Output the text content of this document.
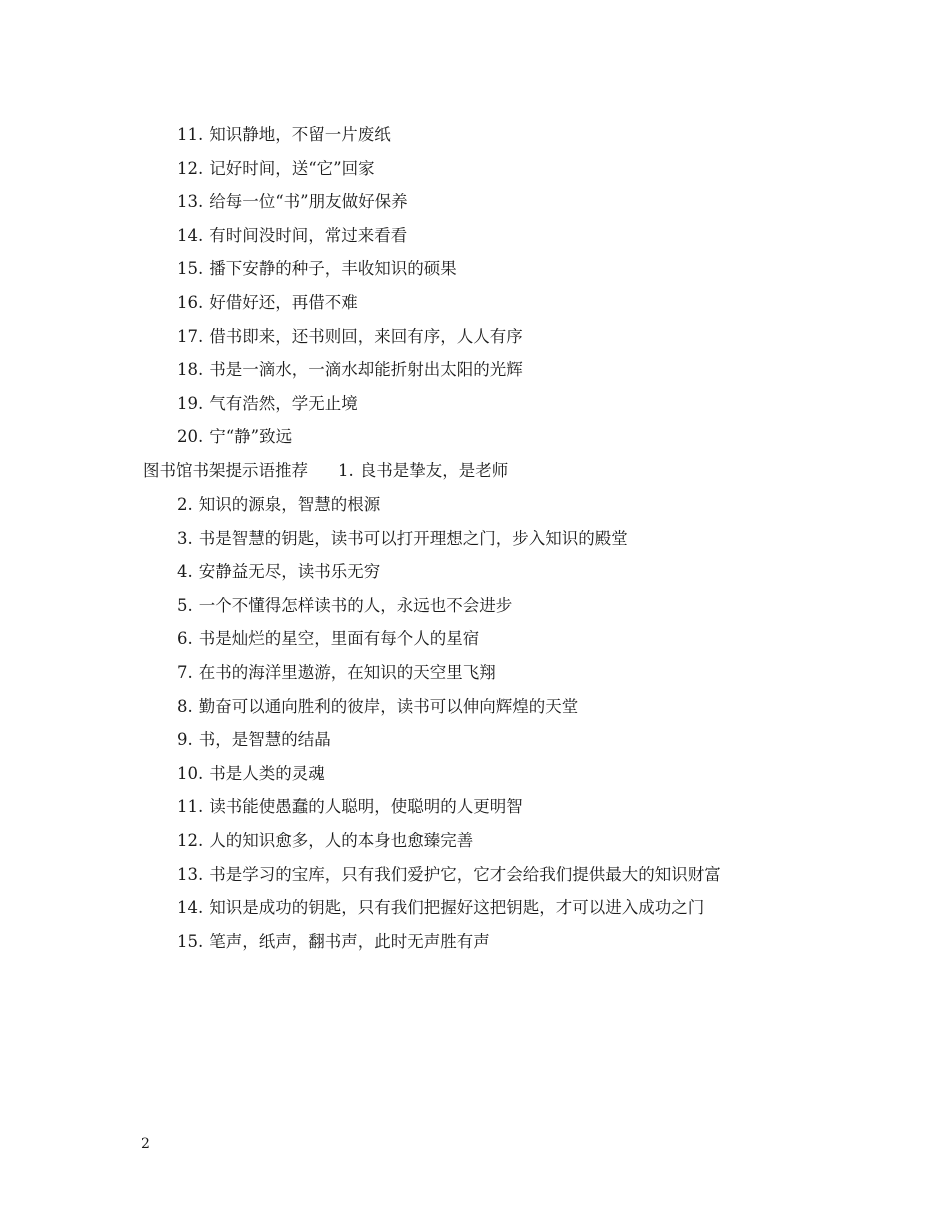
11. 知识静地，不留一片废纸
12. 记好时间，送“它”回家
13. 给每一位“书”朋友做好保养
14. 有时间没时间，常过来看看
15. 播下安静的种子，丰收知识的硕果
16. 好借好还，再借不难
17. 借书即来，还书则回，来回有序，人人有序
18. 书是一滴水，一滴水却能折射出太阳的光辉
19. 气有浩然，学无止境
20. 宁“静”致远
图书馆书架提示语推荐 1. 良书是挚友，是老师
2. 知识的源泉，智慧的根源
3. 书是智慧的钥匙，读书可以打开理想之门，步入知识的殿堂
4. 安静益无尽，读书乐无穷
5. 一个不懂得怎样读书的人，永远也不会进步
6. 书是灿烂的星空，里面有每个人的星宿
7. 在书的海洋里遨游，在知识的天空里飞翔
8. 勤奋可以通向胜利的彼岸，读书可以伸向辉煌的天堂
9. 书，是智慧的结晶
10. 书是人类的灵魂
11. 读书能使愚蠢的人聪明，使聪明的人更明智
12. 人的知识愈多，人的本身也愈臻完善
13. 书是学习的宝库，只有我们爱护它，它才会给我们提供最大的知识财富
14. 知识是成功的钥匙，只有我们把握好这把钥匙，才可以进入成功之门
15. 笔声，纸声，翻书声，此时无声胜有声
2
